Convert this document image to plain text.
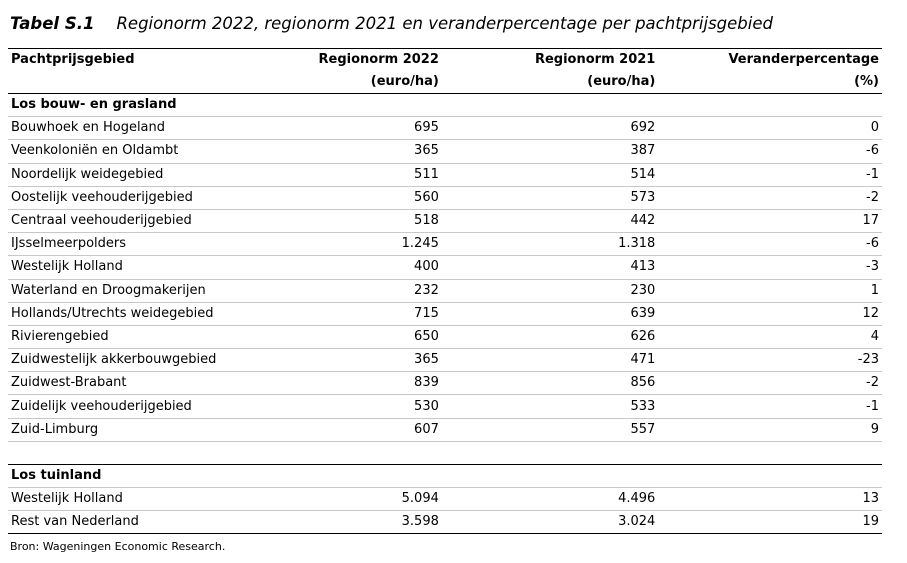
Tabel S.1 Regionorm 2022, regionorm 2021 en veranderpercentage per pachtprijsgebied
Pachtprijsgebied	Regionorm 2022	Regionorm 2021	Veranderpercentage
	(euro/ha)	(euro/ha)	(%)
Los bouw- en grasland			
Bouwhoek en Hogeland	695	692	0
Veenkoloniën en Oldambt	365	387	-6
Noordelijk weidegebied	511	514	-1
Oostelijk veehouderijgebied	560	573	-2
Centraal veehouderijgebied	518	442	17
IJsselmeerpolders	1.245	1.318	-6
Westelijk Holland	400	413	-3
Waterland en Droogmakerijen	232	230	1
Hollands/Utrechts weidegebied	715	639	12
Rivierengebied	650	626	4
Zuidwestelijk akkerbouwgebied	365	471	-23
Zuidwest-Brabant	839	856	-2
Zuidelijk veehouderijgebied	530	533	-1
Zuid-Limburg	607	557	9

Los tuinland			
Westelijk Holland	5.094	4.496	13
Rest van Nederland	3.598	3.024	19
Bron: Wageningen Economic Research.
